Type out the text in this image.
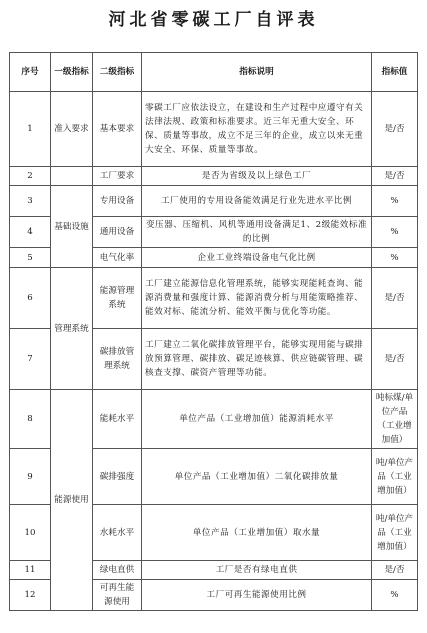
河北省零碳工厂自评表
序号	一级指标	二级指标	指标说明	指标值
1	准入要求	基本要求	零碳工厂应依法设立，在建设和生产过程中应遵守有关法律法规、政策和标准要求。近三年无重大安全、环保、质量等事故，成立不足三年的企业，成立以来无重大安全、环保、质量等事故。	是/否
2		工厂要求	是否为省级及以上绿色工厂	是/否
3	基础设施	专用设备	工厂使用的专用设备能效满足行业先进水平比例	%
4		通用设备	变压器、压缩机、风机等通用设备满足1、2级能效标准的比例	%
5		电气化率	企业工业终端设备电气化比例	%
6	管理系统	能源管理系统	工厂建立能源信息化管理系统，能够实现能耗查询、能源消费量和强度计算、能源消费分析与用能策略推荐、能效对标、能流分析、能效平衡与优化等功能。	是/否
7		碳排放管理系统	工厂建立二氧化碳排放管理平台，能够实现用能与碳排放预算管理、碳排放、碳足迹核算、供应链碳管理、碳核查支撑、碳资产管理等功能。	是/否
8	能源使用	能耗水平	单位产品（工业增加值）能源消耗水平	吨标煤/单位产品（工业增加值）
9		碳排强度	单位产品（工业增加值）二氧化碳排放量	吨/单位产品（工业增加值）
10		水耗水平	单位产品（工业增加值）取水量	吨/单位产品（工业增加值）
11		绿电直供	工厂是否有绿电直供	是/否
12		可再生能源使用	工厂可再生能源使用比例	%
